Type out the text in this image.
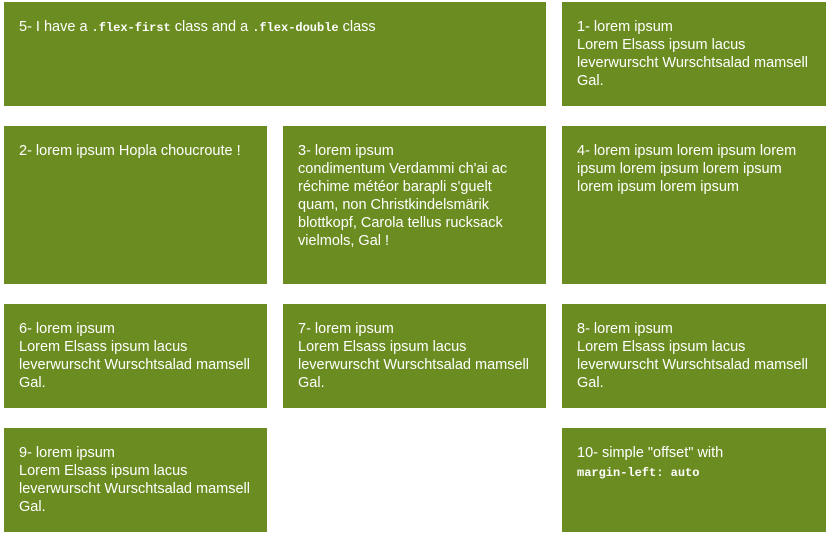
5- I have a .flex-first class and a .flex-double class	1- lorem ipsum
Lorem Elsass ipsum lacus leverwurscht Wurschtsalad mamsell Gal.
2- lorem ipsum Hopla choucroute !	3- lorem ipsum
condimentum Verdammi ch'ai ac réchime météor barapli s'guelt quam, non Christkindelsmärik blottkopf, Carola tellus rucksack vielmols, Gal !
4- lorem ipsum lorem ipsum lorem ipsum lorem ipsum lorem ipsum lorem ipsum lorem ipsum
6- lorem ipsum
Lorem Elsass ipsum lacus leverwurscht Wurschtsalad mamsell Gal.
7- lorem ipsum
Lorem Elsass ipsum lacus leverwurscht Wurschtsalad mamsell Gal.
8- lorem ipsum
Lorem Elsass ipsum lacus leverwurscht Wurschtsalad mamsell Gal.
9- lorem ipsum
Lorem Elsass ipsum lacus leverwurscht Wurschtsalad mamsell Gal.
10- simple "offset" with
margin-left: auto
